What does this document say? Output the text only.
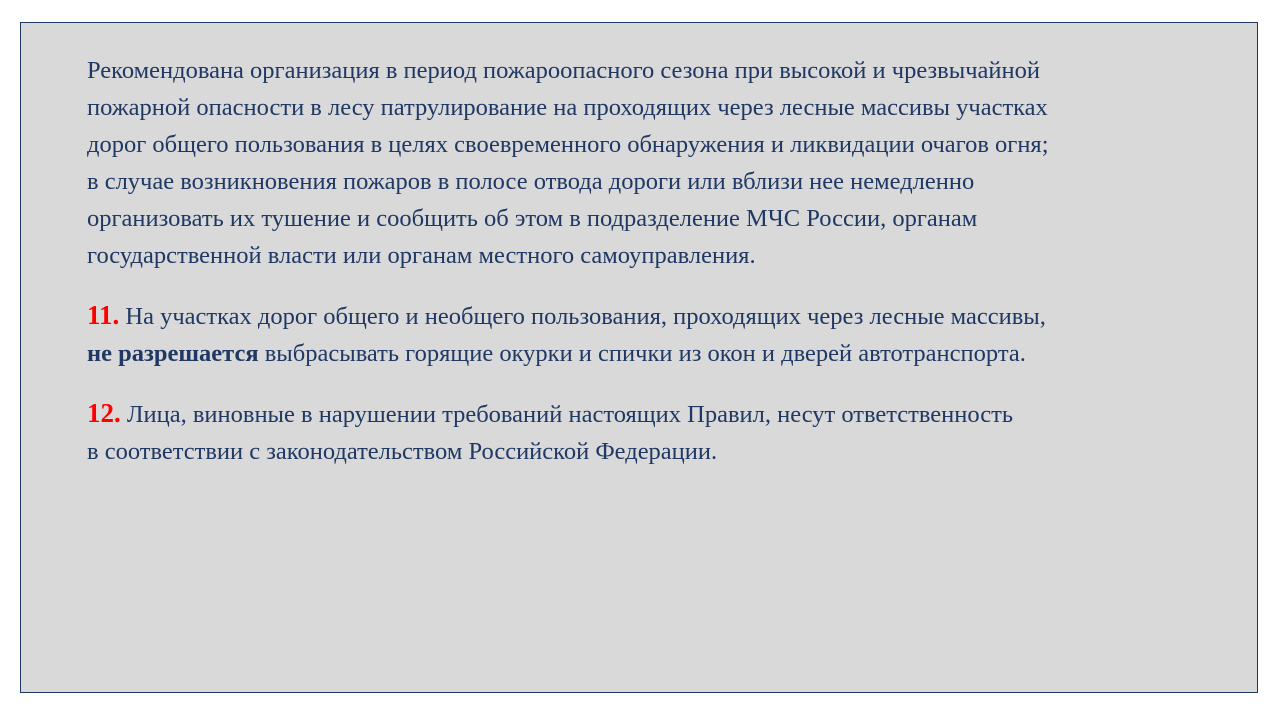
Рекомендована организация в период пожароопасного сезона при высокой и чрезвычайной
пожарной опасности в лесу патрулирование на проходящих через лесные массивы участках
дорог общего пользования в целях своевременного обнаружения и ликвидации очагов огня;
в случае возникновения пожаров в полосе отвода дороги или вблизи нее немедленно
организовать их тушение и сообщить об этом в подразделение МЧС России, органам
государственной власти или органам местного самоуправления.

11. На участках дорог общего и необщего пользования, проходящих через лесные массивы,
не разрешается выбрасывать горящие окурки и спички из окон и дверей автотранспорта.

12. Лица, виновные в нарушении требований настоящих Правил, несут ответственность
в соответствии с законодательством Российской Федерации.
